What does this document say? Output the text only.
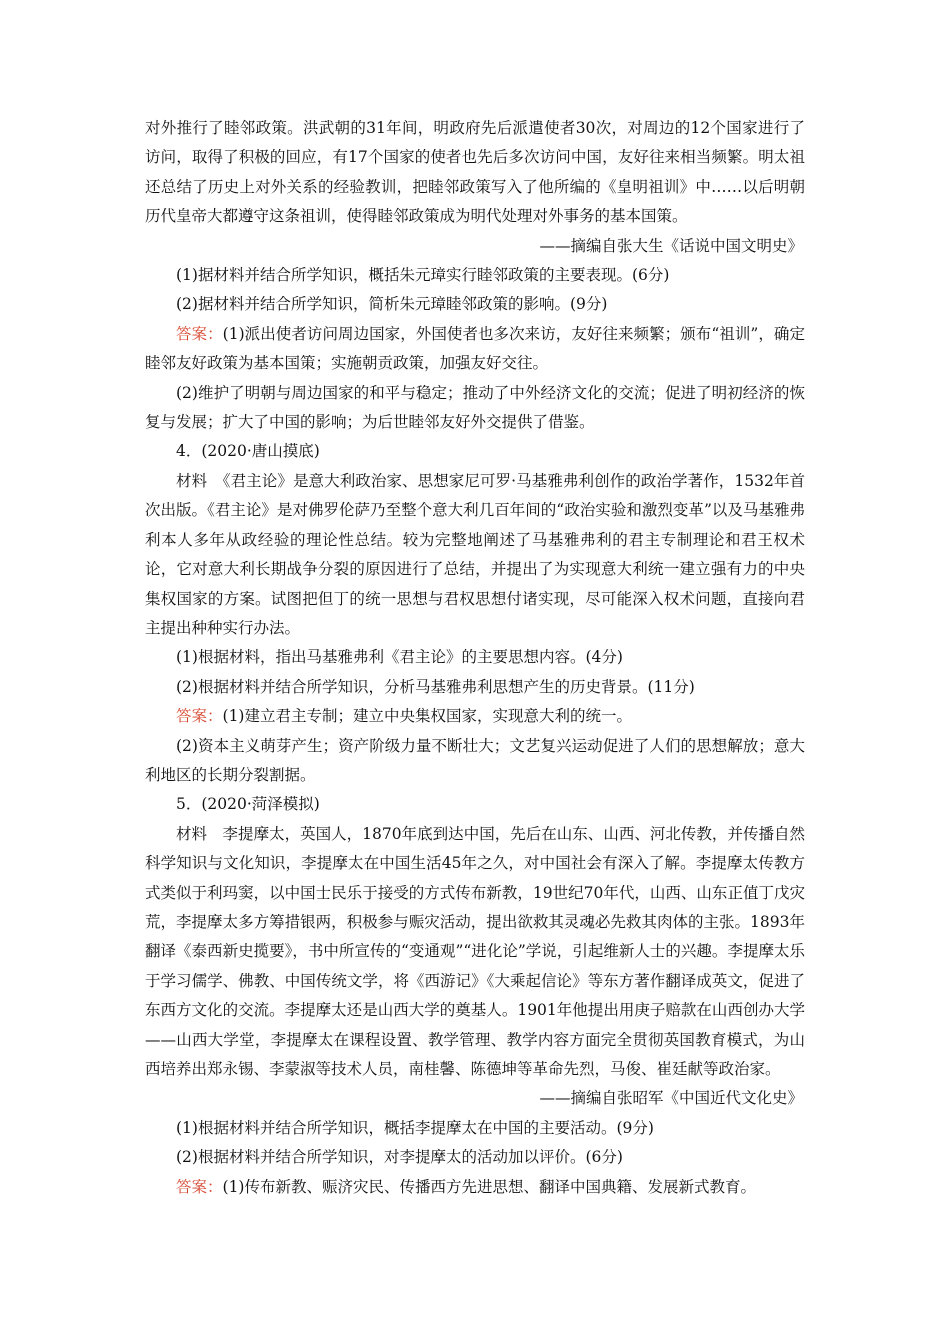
对外推行了睦邻政策。洪武朝的31年间，明政府先后派遣使者30次，对周边的12个国家进行了访问，取得了积极的回应，有17个国家的使者也先后多次访问中国，友好往来相当频繁。明太祖还总结了历史上对外关系的经验教训，把睦邻政策写入了他所编的《皇明祖训》中……以后明朝历代皇帝大都遵守这条祖训，使得睦邻政策成为明代处理对外事务的基本国策。

——摘编自张大生《话说中国文明史》

(1)据材料并结合所学知识，概括朱元璋实行睦邻政策的主要表现。(6分)

(2)据材料并结合所学知识，简析朱元璋睦邻政策的影响。(9分)

答案：(1)派出使者访问周边国家，外国使者也多次来访，友好往来频繁；颁布“祖训”，确定睦邻友好政策为基本国策；实施朝贡政策，加强友好交往。

(2)维护了明朝与周边国家的和平与稳定；推动了中外经济文化的交流；促进了明初经济的恢复与发展；扩大了中国的影响；为后世睦邻友好外交提供了借鉴。

4．(2020·唐山摸底)

材料　《君主论》是意大利政治家、思想家尼可罗·马基雅弗利创作的政治学著作，1532年首次出版。《君主论》是对佛罗伦萨乃至整个意大利几百年间的“政治实验和激烈变革”以及马基雅弗利本人多年从政经验的理论性总结。较为完整地阐述了马基雅弗利的君主专制理论和君王权术论，它对意大利长期战争分裂的原因进行了总结，并提出了为实现意大利统一建立强有力的中央集权国家的方案。试图把但丁的统一思想与君权思想付诸实现，尽可能深入权术问题，直接向君主提出种种实行办法。

(1)根据材料，指出马基雅弗利《君主论》的主要思想内容。(4分)

(2)根据材料并结合所学知识，分析马基雅弗利思想产生的历史背景。(11分)

答案：(1)建立君主专制；建立中央集权国家，实现意大利的统一。

(2)资本主义萌芽产生；资产阶级力量不断壮大；文艺复兴运动促进了人们的思想解放；意大利地区的长期分裂割据。

5．(2020·菏泽模拟)

材料　李提摩太，英国人，1870年底到达中国，先后在山东、山西、河北传教，并传播自然科学知识与文化知识，李提摩太在中国生活45年之久，对中国社会有深入了解。李提摩太传教方式类似于利玛窦，以中国士民乐于接受的方式传布新教，19世纪70年代，山西、山东正值丁戊灾荒，李提摩太多方筹措银两，积极参与赈灾活动，提出欲救其灵魂必先救其肉体的主张。1893年翻译《泰西新史揽要》，书中所宣传的“变通观”“进化论”学说，引起维新人士的兴趣。李提摩太乐于学习儒学、佛教、中国传统文学，将《西游记》《大乘起信论》等东方著作翻译成英文，促进了东西方文化的交流。李提摩太还是山西大学的奠基人。1901年他提出用庚子赔款在山西创办大学——山西大学堂，李提摩太在课程设置、教学管理、教学内容方面完全贯彻英国教育模式，为山西培养出郑永锡、李蒙淑等技术人员，南桂馨、陈德坤等革命先烈，马俊、崔廷献等政治家。

——摘编自张昭军《中国近代文化史》

(1)根据材料并结合所学知识，概括李提摩太在中国的主要活动。(9分)

(2)根据材料并结合所学知识，对李提摩太的活动加以评价。(6分)

答案：(1)传布新教、赈济灾民、传播西方先进思想、翻译中国典籍、发展新式教育。
